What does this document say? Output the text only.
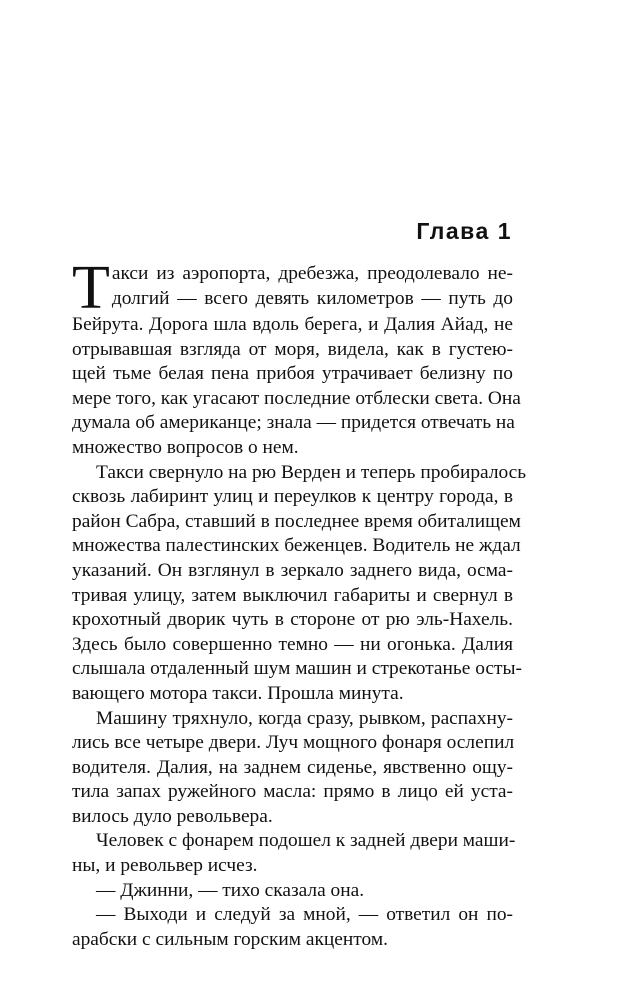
Глава 1
Т акси из аэропорта, дребезжа, преодолевало не-
долгий — всего девять километров — путь до
Бейрута. Дорога шла вдоль берега, и Далия Айад, не
отрывавшая взгляда от моря, видела, как в густею-
щей тьме белая пена прибоя утрачивает белизну по
мере того, как угасают последние отблески света. Она
думала об американце; знала — придется отвечать на
множество вопросов о нем.
Такси свернуло на рю Верден и теперь пробиралось
сквозь лабиринт улиц и переулков к центру города, в
район Сабра, ставший в последнее время обиталищем
множества палестинских беженцев. Водитель не ждал
указаний. Он взглянул в зеркало заднего вида, осма-
тривая улицу, затем выключил габариты и свернул в
крохотный дворик чуть в стороне от рю эль-Нахель.
Здесь было совершенно темно — ни огонька. Далия
слышала отдаленный шум машин и стрекотанье осты-
вающего мотора такси. Прошла минута.
Машину тряхнуло, когда сразу, рывком, распахну-
лись все четыре двери. Луч мощного фонаря ослепил
водителя. Далия, на заднем сиденье, явственно ощу-
тила запах ружейного масла: прямо в лицо ей уста-
вилось дуло револьвера.
Человек с фонарем подошел к задней двери маши-
ны, и револьвер исчез.
— Джинни, — тихо сказала она.
— Выходи и следуй за мной, — ответил он по-
арабски с сильным горским акцентом.
